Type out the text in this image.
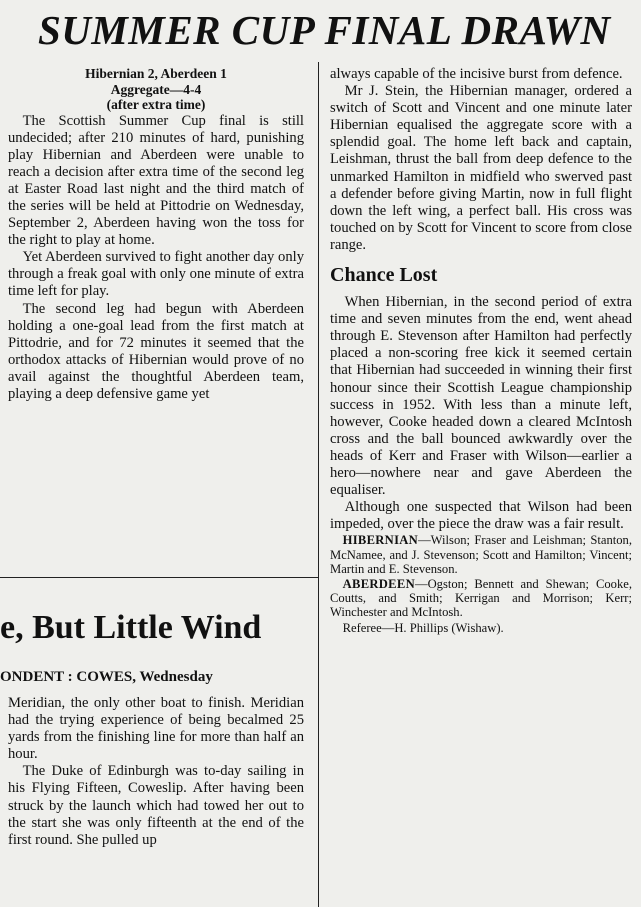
SUMMER CUP FINAL DRAWN
Hibernian 2, Aberdeen 1
Aggregate—4-4
(after extra time)

The Scottish Summer Cup final is still undecided; after 210 minutes of hard, punishing play Hibernian and Aberdeen were unable to reach a decision after extra time of the second leg at Easter Road last night and the third match of the series will be held at Pittodrie on Wednesday, September 2, Aberdeen having won the toss for the right to play at home.

Yet Aberdeen survived to fight another day only through a freak goal with only one minute of extra time left for play.

The second leg had begun with Aberdeen holding a one-goal lead from the first match at Pittodrie, and for 72 minutes it seemed that the orthodox attacks of Hibernian would prove of no avail against the thoughtful Aberdeen team, playing a deep defensive game yet

always capable of the incisive burst from defence.

Mr J. Stein, the Hibernian manager, ordered a switch of Scott and Vincent and one minute later Hibernian equalised the aggregate score with a splendid goal. The home left back and captain, Leishman, thrust the ball from deep defence to the unmarked Hamilton in midfield who swerved past a defender before giving Martin, now in full flight down the left wing, a perfect ball. His cross was touched on by Scott for Vincent to score from close range.

Chance Lost

When Hibernian, in the second period of extra time and seven minutes from the end, went ahead through E. Stevenson after Hamilton had perfectly placed a non-scoring free kick it seemed certain that Hibernian had succeeded in winning their first honour since their Scottish League championship success in 1952. With less than a minute left, however, Cooke headed down a cleared McIntosh cross and the ball bounced awkwardly over the heads of Kerr and Fraser with Wilson—earlier a hero—nowhere near and gave Aberdeen the equaliser.

Although one suspected that Wilson had been impeded, over the piece the draw was a fair result.

HIBERNIAN—Wilson; Fraser and Leishman; Stanton, McNamee, and J. Stevenson; Scott and Hamilton; Vincent; Martin and E. Stevenson.

ABERDEEN—Ogston; Bennett and Shewan; Cooke, Coutts, and Smith; Kerrigan and Morrison; Kerr; Winchester and McIntosh.

Referee—H. Phillips (Wishaw).

e, But Little Wind
ONDENT : COWES, Wednesday

Meridian, the only other boat to finish. Meridian had the trying experience of being becalmed 25 yards from the finishing line for more than half an hour.

The Duke of Edinburgh was to-day sailing in his Flying Fifteen, Coweslip. After having been struck by the launch which had towed her out to the start she was only fifteenth at the end of the first round. She pulled up
